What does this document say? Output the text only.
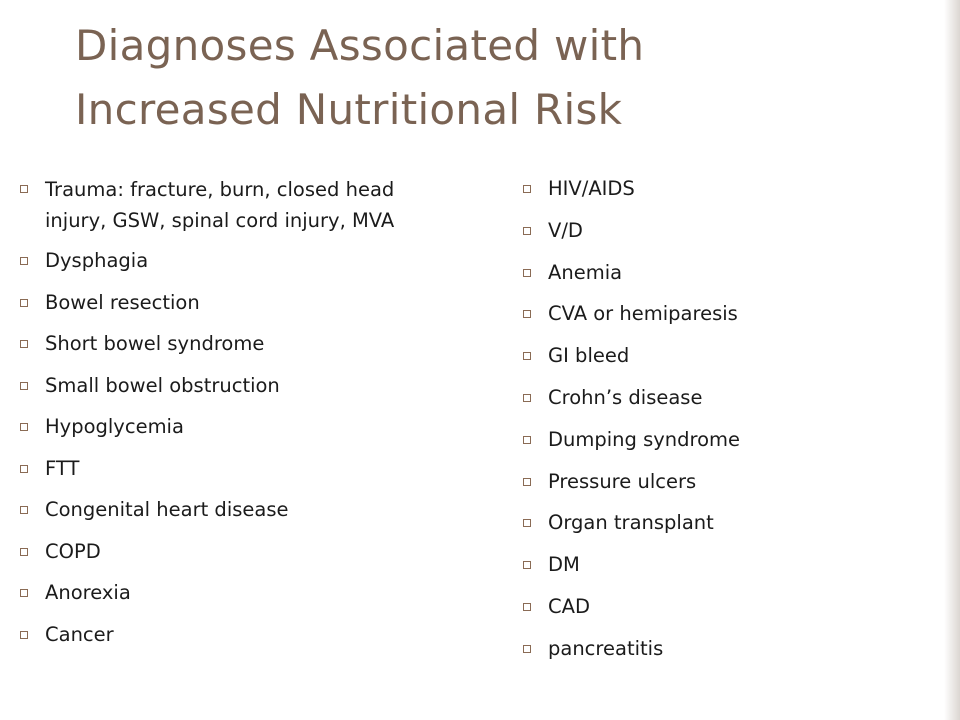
Diagnoses Associated with
Increased Nutritional Risk
Trauma: fracture, burn, closed head injury, GSW, spinal cord injury, MVA
Dysphagia
Bowel resection
Short bowel syndrome
Small bowel obstruction
Hypoglycemia
FTT
Congenital heart disease
COPD
Anorexia
Cancer
HIV/AIDS
V/D
Anemia
CVA or hemiparesis
GI bleed
Crohn’s disease
Dumping syndrome
Pressure ulcers
Organ transplant
DM
CAD
pancreatitis
